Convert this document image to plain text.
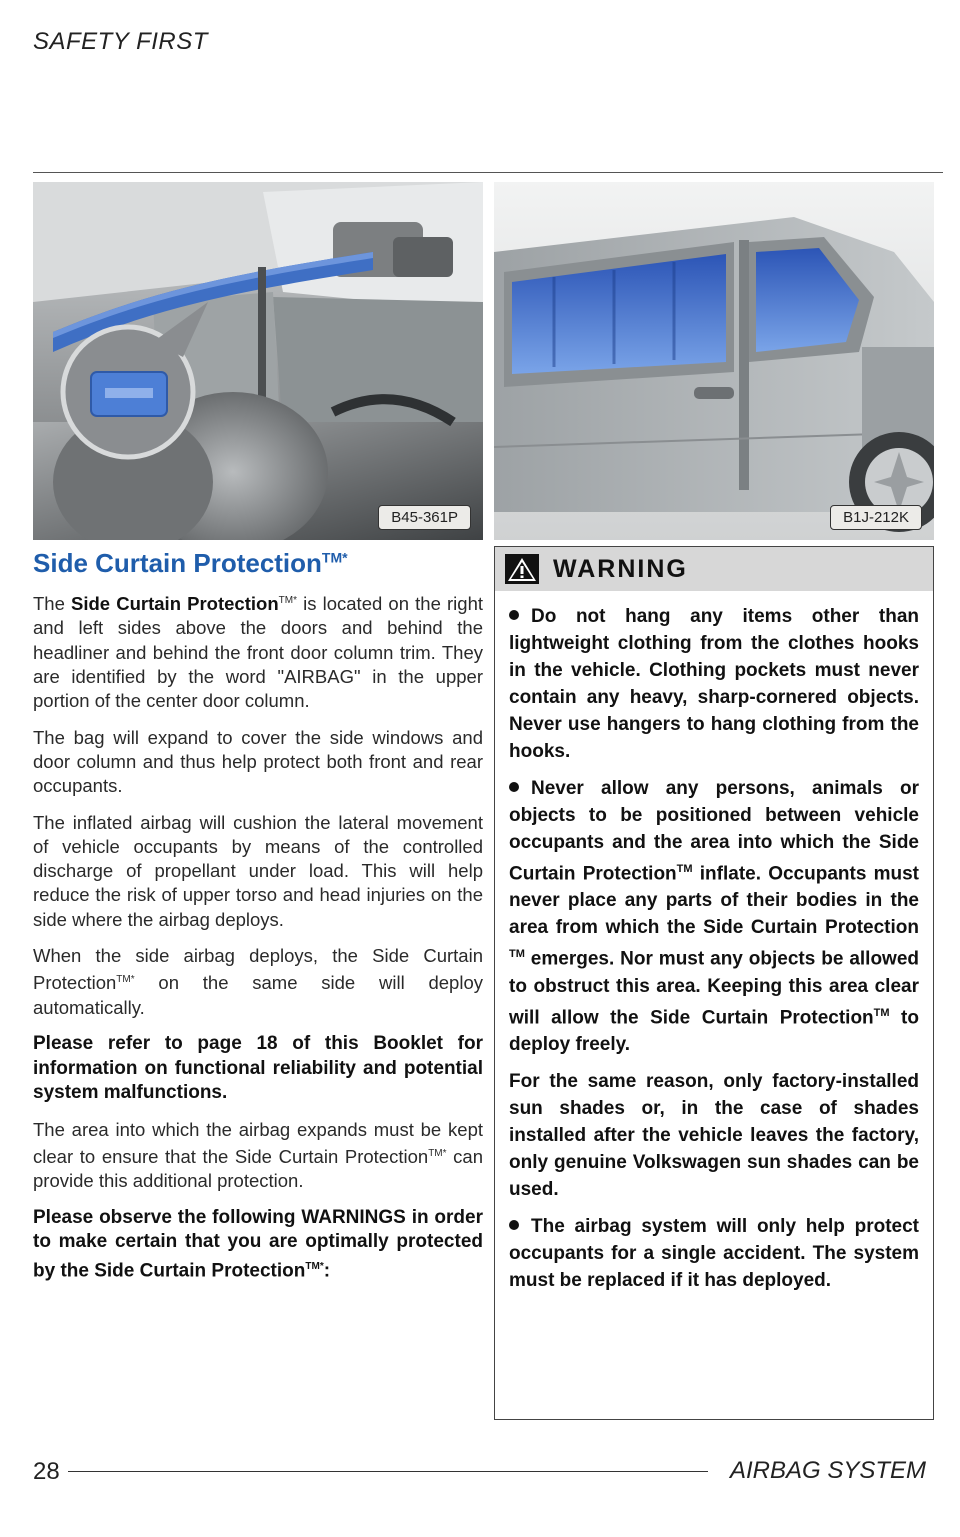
SAFETY FIRST
B45-361P	B1J-212K
Side Curtain Protection$^{TM*}$

The Side Curtain Protection$^{TM*}$ is located on the right and left sides above the doors and behind the headliner and behind the front door column trim. They are identified by the word "AIRBAG" in the upper portion of the center door column.

The bag will expand to cover the side windows and door column and thus help protect both front and rear occupants.

The inflated airbag will cushion the lateral movement of vehicle occupants by means of the controlled discharge of propellant under load. This will help reduce the risk of upper torso and head injuries on the side where the airbag deploys.

When the side airbag deploys, the Side Curtain Protection$^{TM*}$ on the same side will deploy automatically.

Please refer to page 18 of this Booklet for information on functional reliability and potential system malfunctions.

The area into which the airbag expands must be kept clear to ensure that the Side Curtain Protection$^{TM*}$ can provide this additional protection.

Please observe the following WARNINGS in order to make certain that you are optimally protected by the Side Curtain Protection$^{TM*}$:

WARNING

Do not hang any items other than lightweight clothing from the clothes hooks in the vehicle. Clothing pockets must never contain any heavy, sharp-cornered objects. Never use hangers to hang clothing from the hooks.

Never allow any persons, animals or objects to be positioned between vehicle occupants and the area into which the Side Curtain Protection™ inflate. Occupants must never place any parts of their bodies in the area from which the Side Curtain Protection ™ emerges. Nor must any objects be allowed to obstruct this area. Keeping this area clear will allow the Side Curtain Protection™ to deploy freely.

For the same reason, only factory-installed sun shades or, in the case of shades installed after the vehicle leaves the factory, only genuine Volkswagen sun shades can be used.

The airbag system will only help protect occupants for a single accident. The system must be replaced if it has deployed.

28	AIRBAG SYSTEM
